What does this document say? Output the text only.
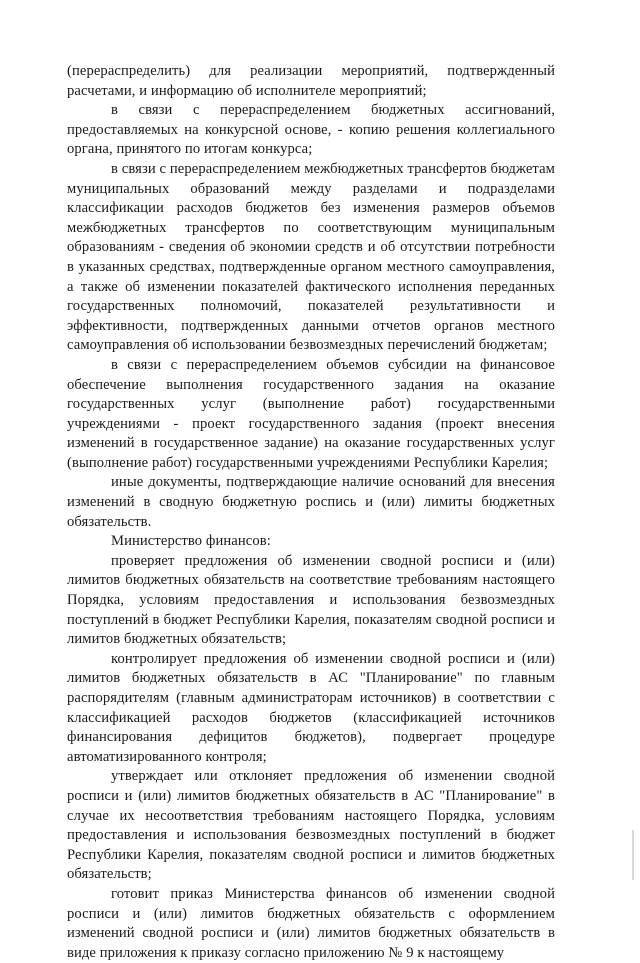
(перераспределить) для реализации мероприятий, подтвержденный расчетами, и информацию об исполнителе мероприятий;

в связи с перераспределением бюджетных ассигнований, предоставляемых на конкурсной основе, - копию решения коллегиального органа, принятого по итогам конкурса;

в связи с перераспределением межбюджетных трансфертов бюджетам муниципальных образований между разделами и подразделами классификации расходов бюджетов без изменения размеров объемов межбюджетных трансфертов по соответствующим муниципальным образованиям - сведения об экономии средств и об отсутствии потребности в указанных средствах, подтвержденные органом местного самоуправления, а также об изменении показателей фактического исполнения переданных государственных полномочий, показателей результативности и эффективности, подтвержденных данными отчетов органов местного самоуправления об использовании безвозмездных перечислений бюджетам;

в связи с перераспределением объемов субсидии на финансовое обеспечение выполнения государственного задания на оказание государственных услуг (выполнение работ) государственными учреждениями - проект государственного задания (проект внесения изменений в государственное задание) на оказание государственных услуг (выполнение работ) государственными учреждениями Республики Карелия;

иные документы, подтверждающие наличие оснований для внесения изменений в сводную бюджетную роспись и (или) лимиты бюджетных обязательств.

Министерство финансов:

проверяет предложения об изменении сводной росписи и (или) лимитов бюджетных обязательств на соответствие требованиям настоящего Порядка, условиям предоставления и использования безвозмездных поступлений в бюджет Республики Карелия, показателям сводной росписи и лимитов бюджетных обязательств;

контролирует предложения об изменении сводной росписи и (или) лимитов бюджетных обязательств в АС "Планирование" по главным распорядителям (главным администраторам источников) в соответствии с классификацией расходов бюджетов (классификацией источников финансирования дефицитов бюджетов), подвергает процедуре автоматизированного контроля;

утверждает или отклоняет предложения об изменении сводной росписи и (или) лимитов бюджетных обязательств в АС "Планирование" в случае их несоответствия требованиям настоящего Порядка, условиям предоставления и использования безвозмездных поступлений в бюджет Республики Карелия, показателям сводной росписи и лимитов бюджетных обязательств;

готовит приказ Министерства финансов об изменении сводной росписи и (или) лимитов бюджетных обязательств с оформлением изменений сводной росписи и (или) лимитов бюджетных обязательств в виде приложения к приказу согласно приложению № 9 к настоящему
